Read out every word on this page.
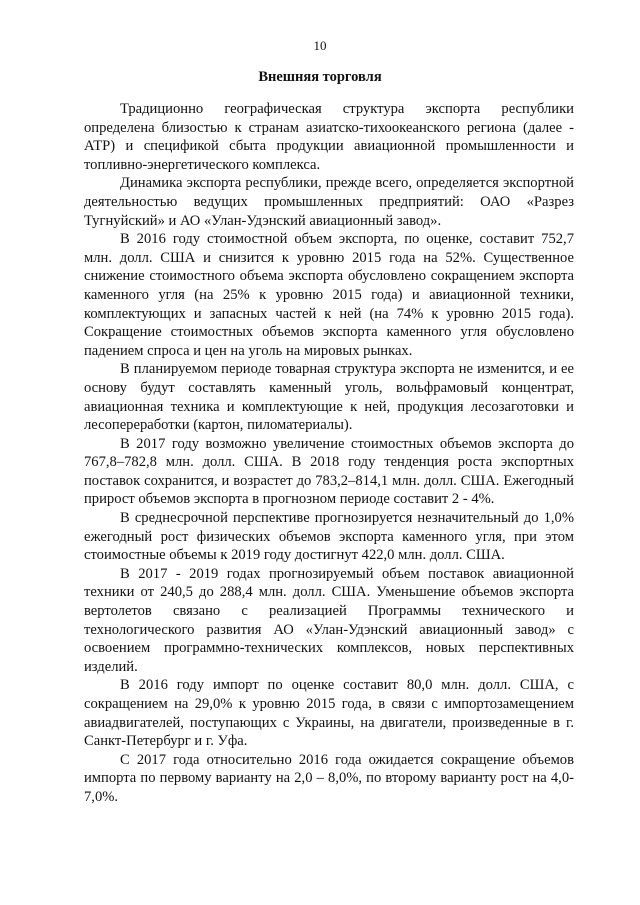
10
Внешняя торговля

Традиционно географическая структура экспорта республики определена близостью к странам азиатско-тихоокеанского региона (далее - АТР) и спецификой сбыта продукции авиационной промышленности и топливно-энергетического комплекса.

Динамика экспорта республики, прежде всего, определяется экспортной деятельностью ведущих промышленных предприятий: ОАО «Разрез Тугнуйский» и АО «Улан-Удэнский авиационный завод».

В 2016 году стоимостной объем экспорта, по оценке, составит 752,7 млн. долл. США и снизится к уровню 2015 года на 52%. Существенное снижение стоимостного объема экспорта обусловлено сокращением экспорта каменного угля (на 25% к уровню 2015 года) и авиационной техники, комплектующих и запасных частей к ней (на 74% к уровню 2015 года). Сокращение стоимостных объемов экспорта каменного угля обусловлено падением спроса и цен на уголь на мировых рынках.

В планируемом периоде товарная структура экспорта не изменится, и ее основу будут составлять каменный уголь, вольфрамовый концентрат, авиационная техника и комплектующие к ней, продукция лесозаготовки и лесопереработки (картон, пиломатериалы).

В 2017 году возможно увеличение стоимостных объемов экспорта до 767,8–782,8 млн. долл. США. В 2018 году тенденция роста экспортных поставок сохранится, и возрастет до 783,2–814,1 млн. долл. США. Ежегодный прирост объемов экспорта в прогнозном периоде составит 2 - 4%.

В среднесрочной перспективе прогнозируется незначительный до 1,0% ежегодный рост физических объемов экспорта каменного угля, при этом стоимостные объемы к 2019 году достигнут 422,0 млн. долл. США.

В 2017 - 2019 годах прогнозируемый объем поставок авиационной техники от 240,5 до 288,4 млн. долл. США. Уменьшение объемов экспорта вертолетов связано с реализацией Программы технического и технологического развития АО «Улан-Удэнский авиационный завод» с освоением программно-технических комплексов, новых перспективных изделий.

В 2016 году импорт по оценке составит 80,0 млн. долл. США, с сокращением на 29,0% к уровню 2015 года, в связи с импортозамещением авиадвигателей, поступающих с Украины, на двигатели, произведенные в г. Санкт-Петербург и г. Уфа.

С 2017 года относительно 2016 года ожидается сокращение объемов импорта по первому варианту на 2,0 – 8,0%, по второму варианту рост на 4,0-7,0%.
